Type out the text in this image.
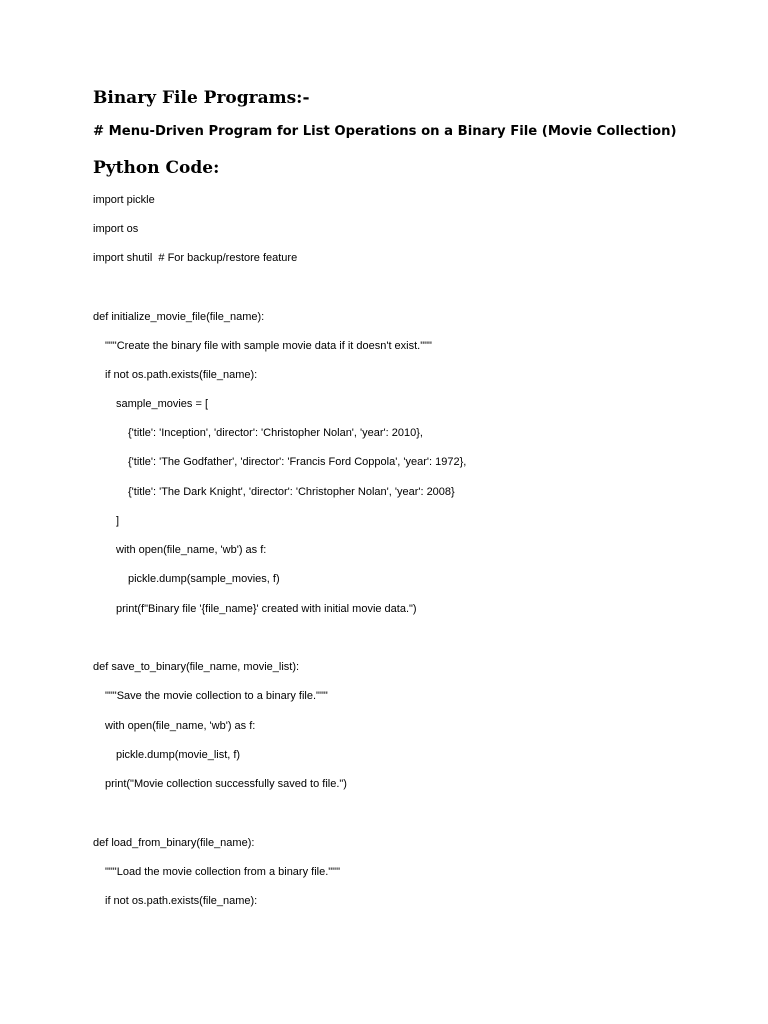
Binary File Programs:-
# Menu-Driven Program for List Operations on a Binary File (Movie Collection)
Python Code:
import pickle
import os
import shutil  # For backup/restore feature
def initialize_movie_file(file_name):
"""Create the binary file with sample movie data if it doesn't exist."""
if not os.path.exists(file_name):
sample_movies = [
{'title': 'Inception', 'director': 'Christopher Nolan', 'year': 2010},
{'title': 'The Godfather', 'director': 'Francis Ford Coppola', 'year': 1972},
{'title': 'The Dark Knight', 'director': 'Christopher Nolan', 'year': 2008}
]
with open(file_name, 'wb') as f:
pickle.dump(sample_movies, f)
print(f"Binary file '{file_name}' created with initial movie data.")
def save_to_binary(file_name, movie_list):
"""Save the movie collection to a binary file."""
with open(file_name, 'wb') as f:
pickle.dump(movie_list, f)
print("Movie collection successfully saved to file.")
def load_from_binary(file_name):
"""Load the movie collection from a binary file."""
if not os.path.exists(file_name):
